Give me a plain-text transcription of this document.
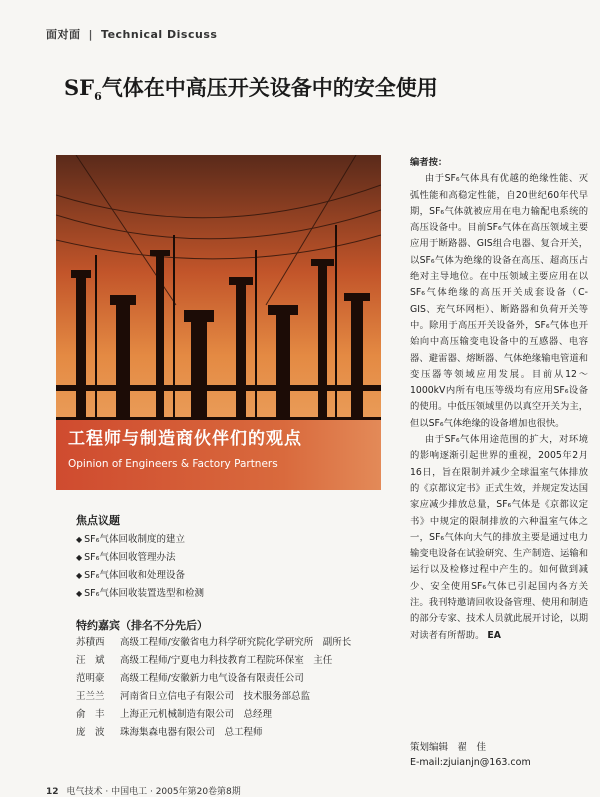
面对面 | Technical Discuss
$SF_6$气体在中高压开关设备中的安全使用
工程师与制造商伙伴们的观点
Opinion of Engineers & Factory Partners
焦点议题
◆ SF₆气体回收制度的建立
◆ SF₆气体回收管理办法
◆ SF₆气体回收和处理设备
◆ SF₆气体回收装置选型和检测
特约嘉宾（排名不分先后）
苏積西 高级工程师/安徽省电力科学研究院化学研究所　副所长
汪　斌 高级工程师/宁夏电力科技教育工程院环保室　主任
范明豪 高级工程师/安徽新力电气设备有限责任公司
王兰兰 河南省日立信电子有限公司　技术服务部总监
俞　丰 上海正元机械制造有限公司　总经理
庞　波 珠海集森电器有限公司　总工程师
编者按：

由于SF₆气体具有优越的绝缘性能、灭弧性能和高稳定性能，自20世纪60年代早期，SF₆气体就被应用在电力输配电系统的高压设备中。目前SF₆气体在高压领域主要应用于断路器、GIS组合电器、复合开关，以SF₆气体为绝缘的设备在高压、超高压占绝对主导地位。在中压领域主要应用在以SF₆气体绝缘的高压开关成套设备（C-GIS、充气环网柜）、断路器和负荷开关等中。除用于高压开关设备外，SF₆气体也开始向中高压输变电设备中的互感器、电容器、避雷器、熔断器、气体绝缘输电管道和变压器等领域应用发展。目前从12～1000kV内所有电压等级均有应用SF₆设备的使用。中低压领域里仍以真空开关为主，但以SF₆气体绝缘的设备增加也很快。

由于SF₆气体用途范围的扩大，对环境的影响逐渐引起世界的重视，2005年2月16日，旨在限制并减少全球温室气体排放的《京都议定书》正式生效，并规定发达国家应减少排放总量，SF₆气体是《京都议定书》中规定的限制排放的六种温室气体之一，SF₆气体向大气的排放主要是通过电力输变电设备在试验研究、生产制造、运输和运行以及检修过程中产生的。如何做到减少、安全使用SF₆气体已引起国内各方关注。我刊特邀请回收设备管理、使用和制造的部分专家、技术人员就此展开讨论，以期对读者有所帮助。 EA

策划编辑　翟　佳
E-mail:zjuianjn@163.com
12 电气技术 · 中国电工 · 2005年第20卷第8期
